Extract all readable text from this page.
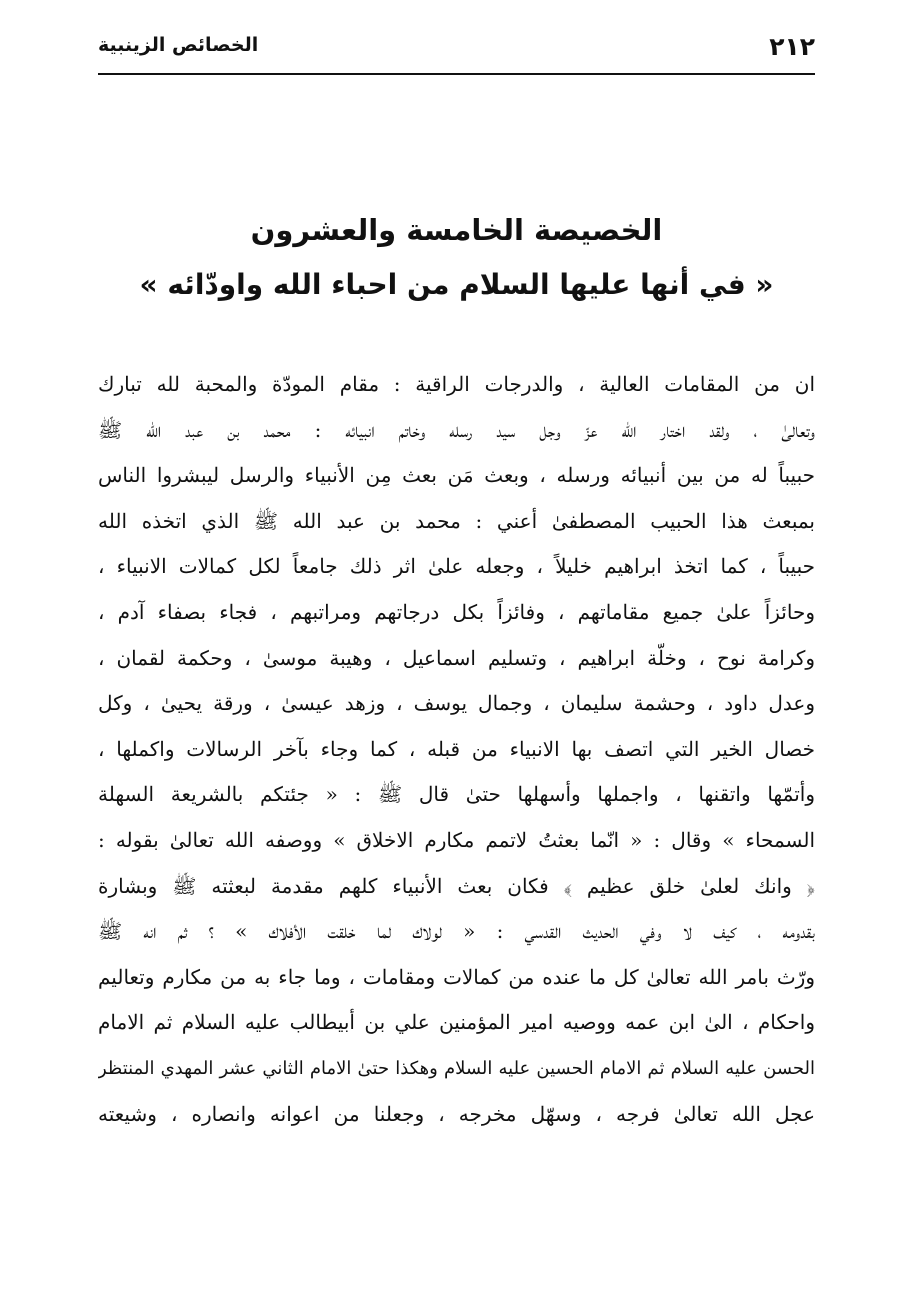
٢١٢
الخصائص الزينبية
الخصيصة الخامسة والعشرون
« في أنها عليها السلام من احباء الله واودّائه »
ان من المقامات العالية ، والدرجات الراقية : مقام المودّة والمحبة لله تبارك
وتعالىٰ ، ولقد اختار الله عزّ وجل سيد رسله وخاتم انبيائه : محمد بن عبد الله ﷺ
حبيباً له من بين أنبيائه ورسله ، وبعث مَن بعث مِن الأنبياء والرسل ليبشروا الناس
بمبعث هذا الحبيب المصطفىٰ أعني : محمد بن عبد الله ﷺ الذي اتخذه الله
حبيباً ، كما اتخذ ابراهيم خليلاً ، وجعله علىٰ اثر ذلك جامعاً لكل كمالات الانبياء ،
وحائزاً علىٰ جميع مقاماتهم ، وفائزاً بكل درجاتهم ومراتبهم ، فجاء بصفاء آدم ،
وكرامة نوح ، وخلّة ابراهيم ، وتسليم اسماعيل ، وهيبة موسىٰ ، وحكمة لقمان ،
وعدل داود ، وحشمة سليمان ، وجمال يوسف ، وزهد عيسىٰ ، ورقة يحيىٰ ، وكل
خصال الخير التي اتصف بها الانبياء من قبله ، كما وجاء بآخر الرسالات واكملها ،
وأتمّها واتقنها ، واجملها وأسهلها حتىٰ قال ﷺ : « جئتكم بالشريعة السهلة
السمحاء » وقال : « انّما بعثتُ لاتمم مكارم الاخلاق » ووصفه الله تعالىٰ بقوله :
﴿ وانك لعلىٰ خلق عظيم ﴾ فكان بعث الأنبياء كلهم مقدمة لبعثته ﷺ وبشارة
بقدومه ، كيف لا وفي الحديث القدسي : « لولاك لما خلقت الأفلاك » ؟ ثم انه ﷺ
ورّث بامر الله تعالىٰ كل ما عنده من كمالات ومقامات ، وما جاء به من مكارم وتعاليم
واحكام ، الىٰ ابن عمه ووصيه امير المؤمنين علي بن أبيطالب عليه السلام ثم الامام
الحسن عليه السلام ثم الامام الحسين عليه السلام وهكذا حتىٰ الامام الثاني عشر المهدي المنتظر
عجل الله تعالىٰ فرجه ، وسهّل مخرجه ، وجعلنا من اعوانه وانصاره ، وشيعته
